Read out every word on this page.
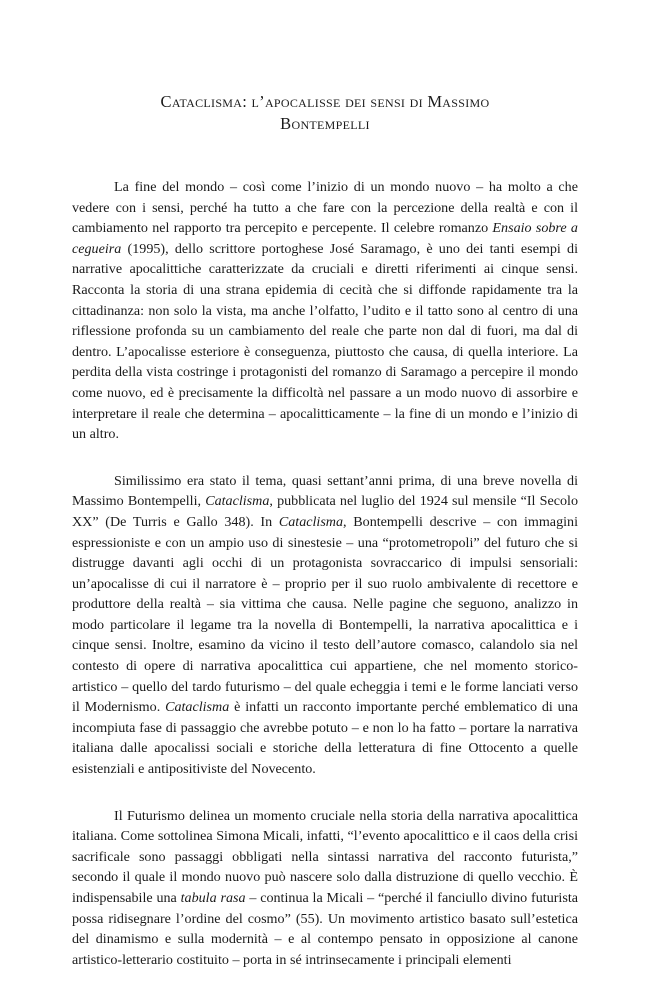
Cataclisma: l’apocalisse dei sensi di Massimo
Bontempelli

La fine del mondo – così come l’inizio di un mondo nuovo – ha molto a che vedere con i sensi, perché ha tutto a che fare con la percezione della realtà e con il cambiamento nel rapporto tra percepito e percepente. Il celebre romanzo Ensaio sobre a cegueira (1995), dello scrittore portoghese José Saramago, è uno dei tanti esempi di narrative apocalittiche caratterizzate da cruciali e diretti riferimenti ai cinque sensi. Racconta la storia di una strana epidemia di cecità che si diffonde rapidamente tra la cittadinanza: non solo la vista, ma anche l’olfatto, l’udito e il tatto sono al centro di una riflessione profonda su un cambiamento del reale che parte non dal di fuori, ma dal di dentro. L’apocalisse esteriore è conseguenza, piuttosto che causa, di quella interiore. La perdita della vista costringe i protagonisti del romanzo di Saramago a percepire il mondo come nuovo, ed è precisamente la difficoltà nel passare a un modo nuovo di assorbire e interpretare il reale che determina – apocalitticamente – la fine di un mondo e l’inizio di un altro.

Similissimo era stato il tema, quasi settant’anni prima, di una breve novella di Massimo Bontempelli, Cataclisma, pubblicata nel luglio del 1924 sul mensile “Il Secolo XX” (De Turris e Gallo 348). In Cataclisma, Bontempelli descrive – con immagini espressioniste e con un ampio uso di sinestesie – una “protometropoli” del futuro che si distrugge davanti agli occhi di un protagonista sovraccarico di impulsi sensoriali: un’apocalisse di cui il narratore è – proprio per il suo ruolo ambivalente di recettore e produttore della realtà – sia vittima che causa. Nelle pagine che seguono, analizzo in modo particolare il legame tra la novella di Bontempelli, la narrativa apocalittica e i cinque sensi. Inoltre, esamino da vicino il testo dell’autore comasco, calandolo sia nel contesto di opere di narrativa apocalittica cui appartiene, che nel momento storico-artistico – quello del tardo futurismo – del quale echeggia i temi e le forme lanciati verso il Modernismo. Cataclisma è infatti un racconto importante perché emblematico di una incompiuta fase di passaggio che avrebbe potuto – e non lo ha fatto – portare la narrativa italiana dalle apocalissi sociali e storiche della letteratura di fine Ottocento a quelle esistenziali e antipositiviste del Novecento.

Il Futurismo delinea un momento cruciale nella storia della narrativa apocalittica italiana. Come sottolinea Simona Micali, infatti, “l’evento apocalittico e il caos della crisi sacrificale sono passaggi obbligati nella sintassi narrativa del racconto futurista,” secondo il quale il mondo nuovo può nascere solo dalla distruzione di quello vecchio. È indispensabile una tabula rasa – continua la Micali – “perché il fanciullo divino futurista possa ridisegnare l’ordine del cosmo” (55). Un movimento artistico basato sull’estetica del dinamismo e sulla modernità – e al contempo pensato in opposizione al canone artistico-letterario costituito – porta in sé intrinsecamente i principali elementi
